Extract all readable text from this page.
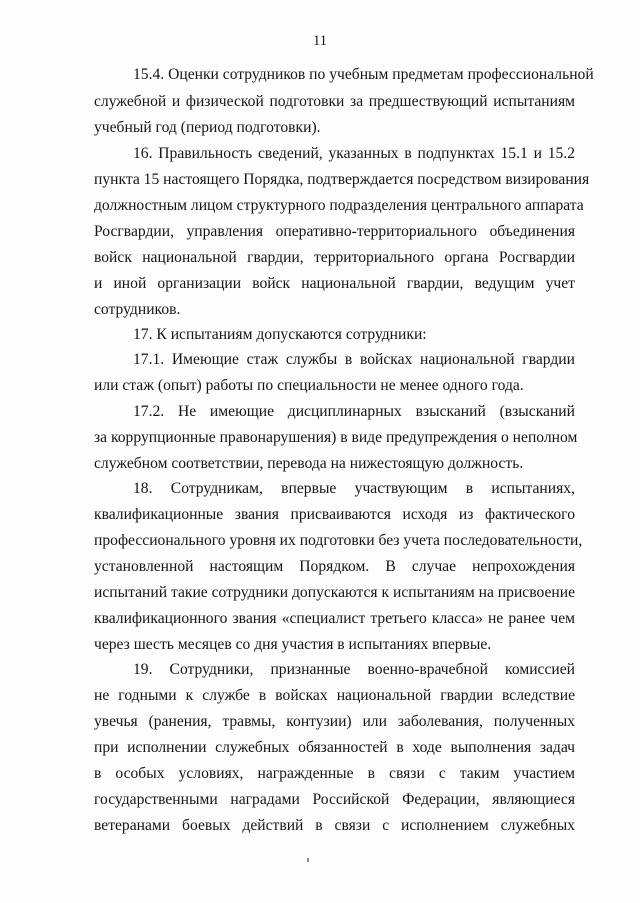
11
15.4. Оценки сотрудников по учебным предметам профессиональной
служебной и физической подготовки за предшествующий испытаниям
учебный год (период подготовки).
16. Правильность сведений, указанных в подпунктах 15.1 и 15.2
пункта 15 настоящего Порядка, подтверждается посредством визирования
должностным лицом структурного подразделения центрального аппарата
Росгвардии, управления оперативно-территориального объединения
войск национальной гвардии, территориального органа Росгвардии
и иной организации войск национальной гвардии, ведущим учет
сотрудников.
17. К испытаниям допускаются сотрудники:
17.1. Имеющие стаж службы в войсках национальной гвардии
или стаж (опыт) работы по специальности не менее одного года.
17.2. Не имеющие дисциплинарных взысканий (взысканий
за коррупционные правонарушения) в виде предупреждения о неполном
служебном соответствии, перевода на нижестоящую должность.
18. Сотрудникам, впервые участвующим в испытаниях,
квалификационные звания присваиваются исходя из фактического
профессионального уровня их подготовки без учета последовательности,
установленной настоящим Порядком. В случае непрохождения
испытаний такие сотрудники допускаются к испытаниям на присвоение
квалификационного звания «специалист третьего класса» не ранее чем
через шесть месяцев со дня участия в испытаниях впервые.
19. Сотрудники, признанные военно-врачебной комиссией
не годными к службе в войсках национальной гвардии вследствие
увечья (ранения, травмы, контузии) или заболевания, полученных
при исполнении служебных обязанностей в ходе выполнения задач
в особых условиях, награжденные в связи с таким участием
государственными наградами Российской Федерации, являющиеся
ветеранами боевых действий в связи с исполнением служебных
